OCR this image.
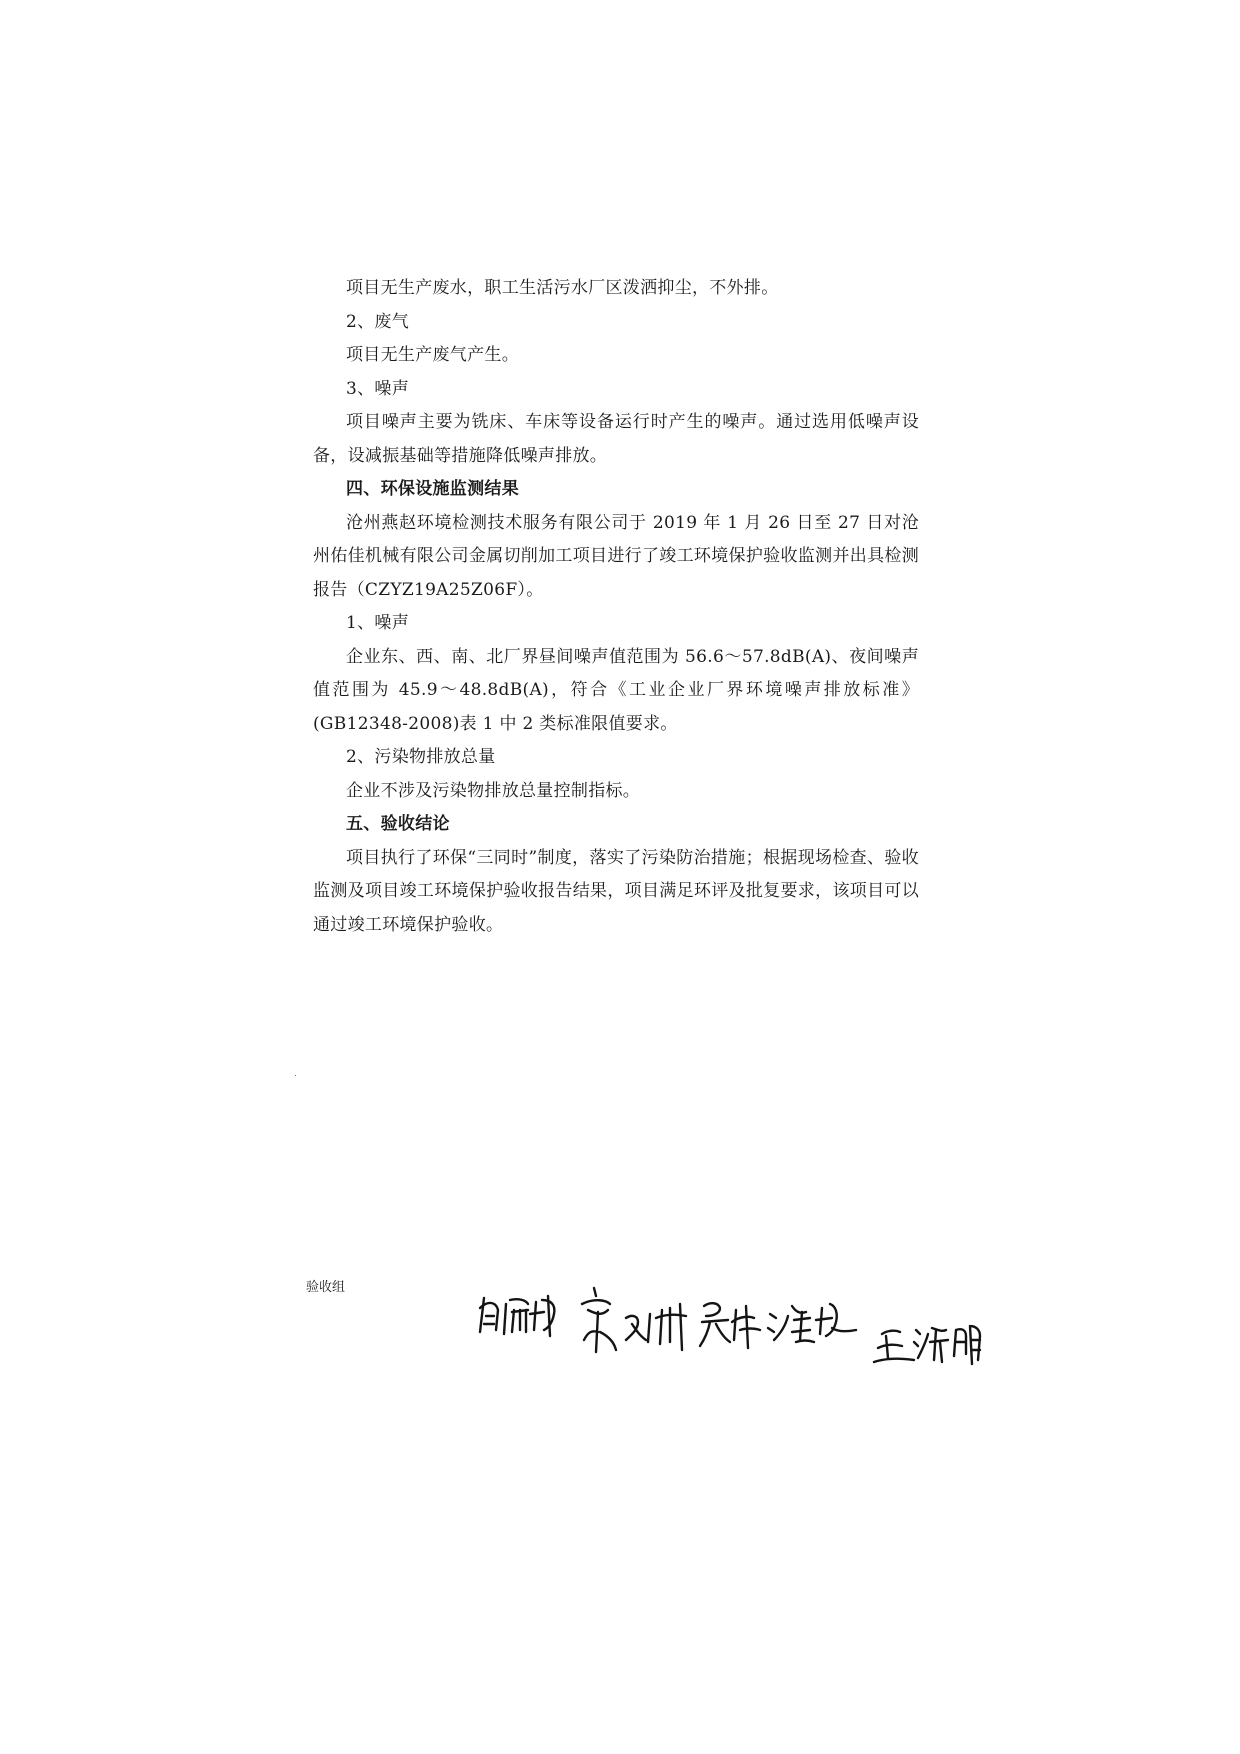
项目无生产废水，职工生活污水厂区泼洒抑尘，不外排。

2、废气

项目无生产废气产生。

3、噪声

项目噪声主要为铣床、车床等设备运行时产生的噪声。通过选用低噪声设备，设减振基础等措施降低噪声排放。

四、环保设施监测结果

沧州燕赵环境检测技术服务有限公司于 2019 年 1 月 26 日至 27 日对沧州佑佳机械有限公司金属切削加工项目进行了竣工环境保护验收监测并出具检测报告（CZYZ19A25Z06F）。

1、噪声

企业东、西、南、北厂界昼间噪声值范围为 56.6～57.8dB(A)、夜间噪声值范围为 45.9～48.8dB(A)，符合《工业企业厂界环境噪声排放标准》(GB12348-2008)表 1 中 2 类标准限值要求。

2、污染物排放总量

企业不涉及污染物排放总量控制指标。

五、验收结论

项目执行了环保“三同时”制度，落实了污染防治措施；根据现场检查、验收监测及项目竣工环境保护验收报告结果，项目满足环评及批复要求，该项目可以通过竣工环境保护验收。

验收组
